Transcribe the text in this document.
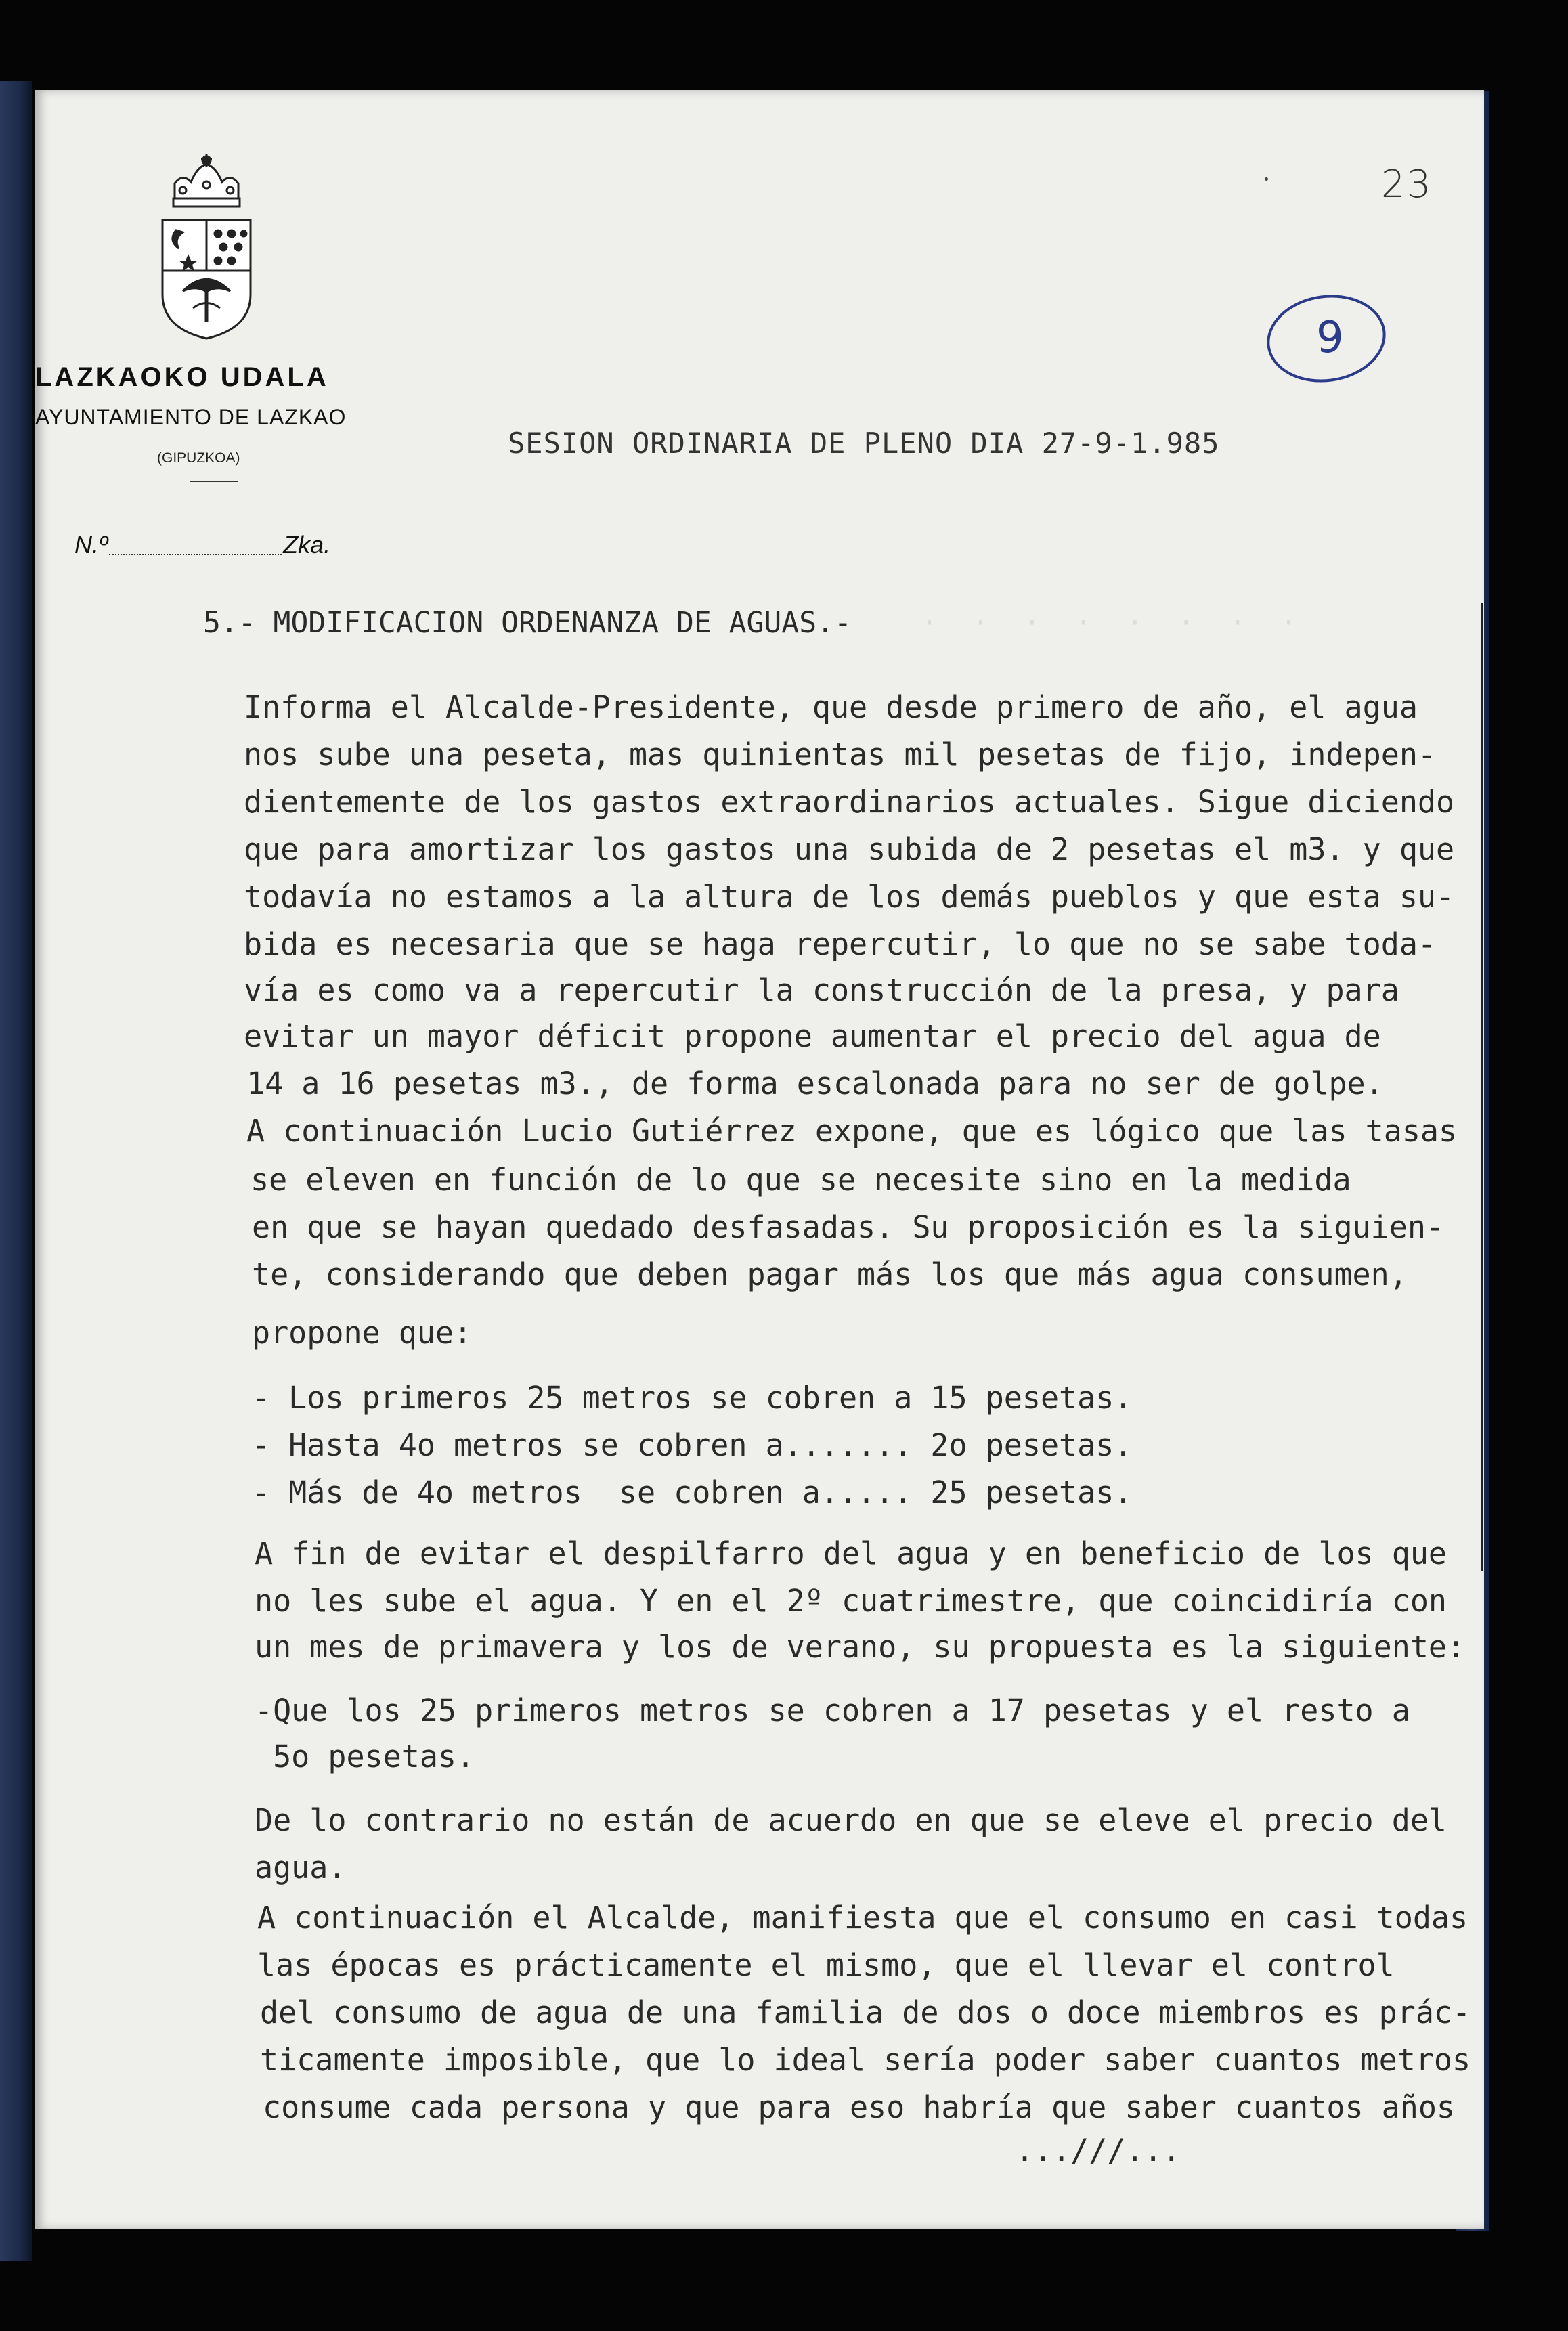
LAZKAOKO UDALA
AYUNTAMIENTO DE LAZKAO
(GIPUZKOA)
N.º	Zka.
23
9
SESION ORDINARIA DE PLENO DIA 27-9-1.985
·  ·  ·  ·  ·  ·  ·  ·
5.- MODIFICACION ORDENANZA DE AGUAS.-
Informa el Alcalde-Presidente, que desde primero de año, el agua
nos sube una peseta, mas quinientas mil pesetas de fijo, indepen-
dientemente de los gastos extraordinarios actuales. Sigue diciendo
que para amortizar los gastos una subida de 2 pesetas el m3. y que
todavía no estamos a la altura de los demás pueblos y que esta su-
bida es necesaria que se haga repercutir, lo que no se sabe toda-
vía es como va a repercutir la construcción de la presa, y para
evitar un mayor déficit propone aumentar el precio del agua de
14 a 16 pesetas m3., de forma escalonada para no ser de golpe.
A continuación Lucio Gutiérrez expone, que es lógico que las tasas
se eleven en función de lo que se necesite sino en la medida
en que se hayan quedado desfasadas. Su proposición es la siguien-
te, considerando que deben pagar más los que más agua consumen,
propone que:
- Los primeros 25 metros se cobren a 15 pesetas.
- Hasta 4o metros se cobren a....... 2o pesetas.
- Más de 4o metros  se cobren a..... 25 pesetas.
A fin de evitar el despilfarro del agua y en beneficio de los que
no les sube el agua. Y en el 2º cuatrimestre, que coincidiría con
un mes de primavera y los de verano, su propuesta es la siguiente:
-Que los 25 primeros metros se cobren a 17 pesetas y el resto a
5o pesetas.
De lo contrario no están de acuerdo en que se eleve el precio del
agua.
A continuación el Alcalde, manifiesta que el consumo en casi todas
las épocas es prácticamente el mismo, que el llevar el control
del consumo de agua de una familia de dos o doce miembros es prác-
ticamente imposible, que lo ideal sería poder saber cuantos metros
consume cada persona y que para eso habría que saber cuantos años
...///...
